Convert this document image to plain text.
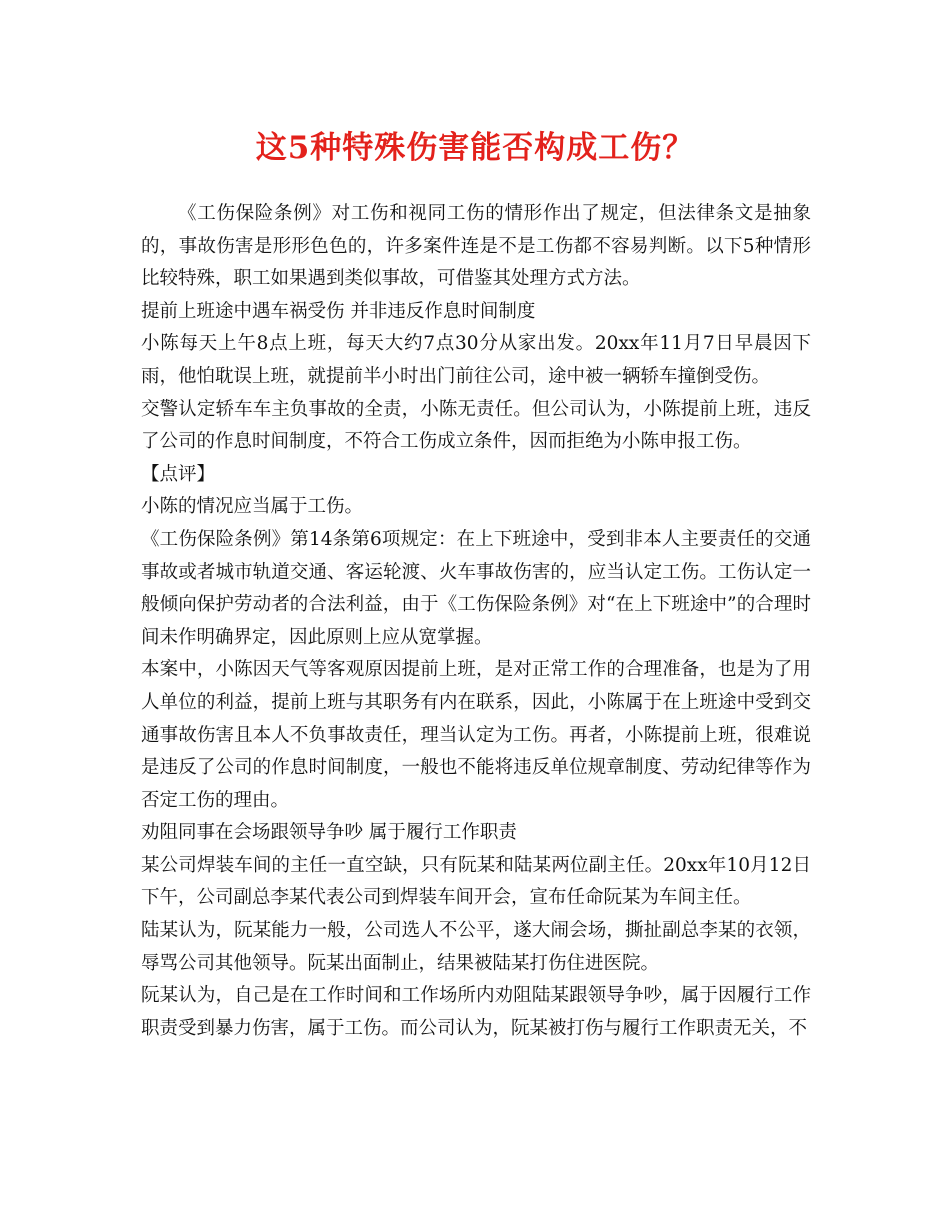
这5种特殊伤害能否构成工伤？

《工伤保险条例》对工伤和视同工伤的情形作出了规定，但法律条文是抽象的，事故伤害是形形色色的，许多案件连是不是工伤都不容易判断。以下5种情形比较特殊，职工如果遇到类似事故，可借鉴其处理方式方法。

提前上班途中遇车祸受伤 并非违反作息时间制度

小陈每天上午8点上班，每天大约7点30分从家出发。20xx年11月7日早晨因下雨，他怕耽误上班，就提前半小时出门前往公司，途中被一辆轿车撞倒受伤。

交警认定轿车车主负事故的全责，小陈无责任。但公司认为，小陈提前上班，违反了公司的作息时间制度，不符合工伤成立条件，因而拒绝为小陈申报工伤。

【点评】

小陈的情况应当属于工伤。

《工伤保险条例》第14条第6项规定：在上下班途中，受到非本人主要责任的交通事故或者城市轨道交通、客运轮渡、火车事故伤害的，应当认定工伤。工伤认定一般倾向保护劳动者的合法利益，由于《工伤保险条例》对“在上下班途中”的合理时间未作明确界定，因此原则上应从宽掌握。

本案中，小陈因天气等客观原因提前上班，是对正常工作的合理准备，也是为了用人单位的利益，提前上班与其职务有内在联系，因此，小陈属于在上班途中受到交通事故伤害且本人不负事故责任，理当认定为工伤。再者，小陈提前上班，很难说是违反了公司的作息时间制度，一般也不能将违反单位规章制度、劳动纪律等作为否定工伤的理由。

劝阻同事在会场跟领导争吵 属于履行工作职责

某公司焊装车间的主任一直空缺，只有阮某和陆某两位副主任。20xx年10月12日下午，公司副总李某代表公司到焊装车间开会，宣布任命阮某为车间主任。

陆某认为，阮某能力一般，公司选人不公平，遂大闹会场，撕扯副总李某的衣领，辱骂公司其他领导。阮某出面制止，结果被陆某打伤住进医院。

阮某认为，自己是在工作时间和工作场所内劝阻陆某跟领导争吵，属于因履行工作职责受到暴力伤害，属于工伤。而公司认为，阮某被打伤与履行工作职责无关，不
